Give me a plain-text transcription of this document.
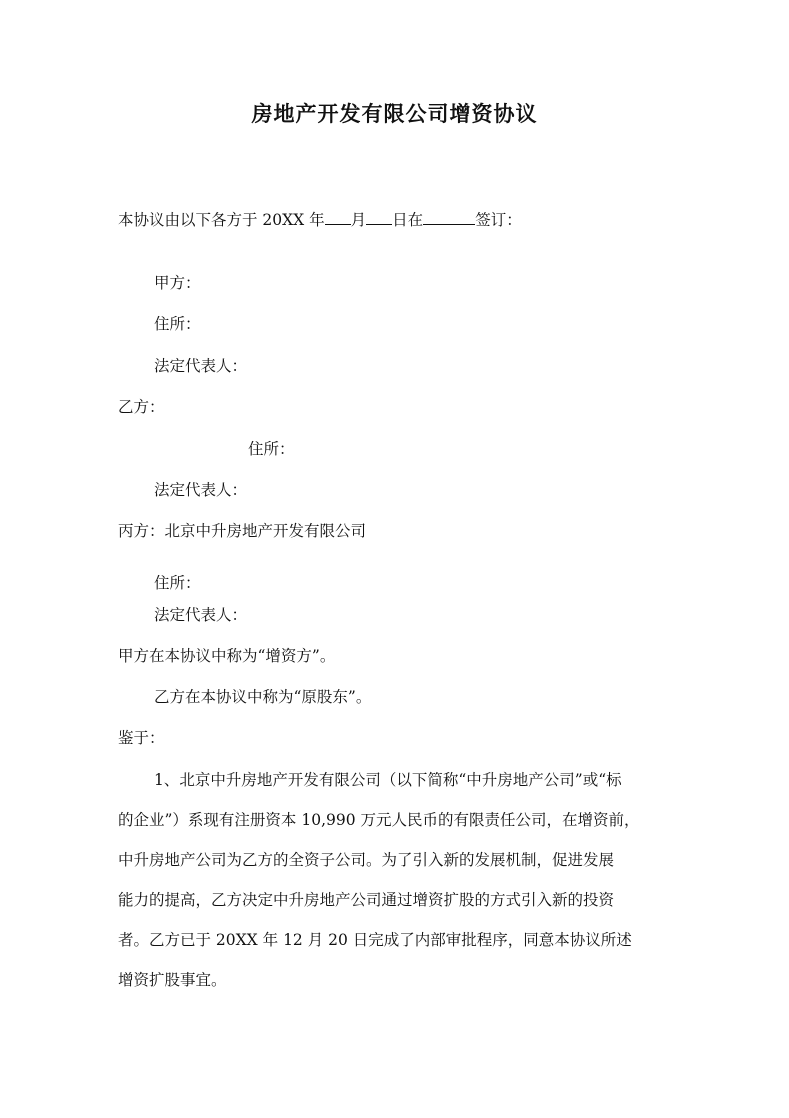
房地产开发有限公司增资协议
本协议由以下各方于 20XX 年 月 日在	签订：
甲方：
住所：
法定代表人：
乙方：
住所：
法定代表人：
丙方：北京中升房地产开发有限公司
住所：
法定代表人：
甲方在本协议中称为“增资方”。
乙方在本协议中称为“原股东”。
鉴于：
1、北京中升房地产开发有限公司（以下简称“中升房地产公司”或“标
的企业”）系现有注册资本 10,990 万元人民币的有限责任公司，在增资前，
中升房地产公司为乙方的全资子公司。为了引入新的发展机制，促进发展
能力的提高，乙方决定中升房地产公司通过增资扩股的方式引入新的投资
者。乙方已于 20XX 年 12 月 20 日完成了内部审批程序，同意本协议所述
增资扩股事宜。
